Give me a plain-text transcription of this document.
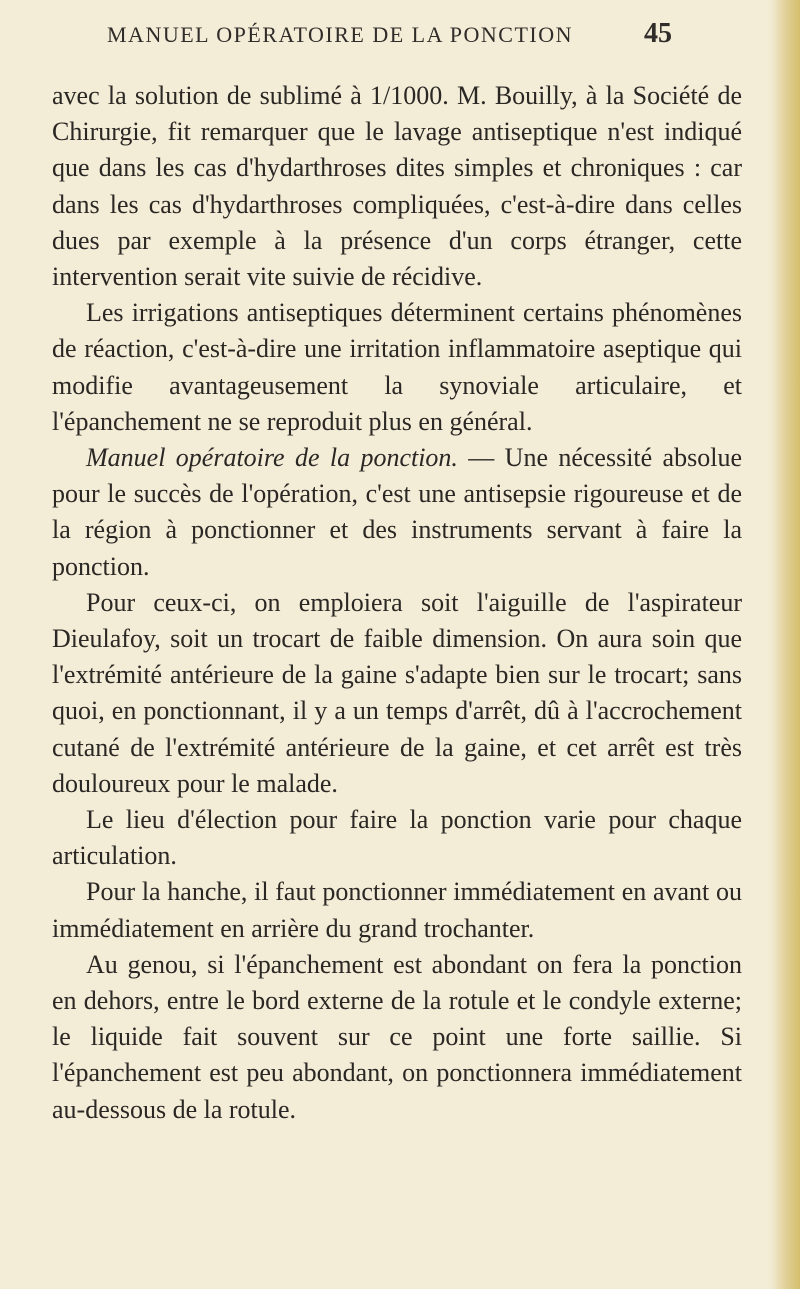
MANUEL OPÉRATOIRE DE LA PONCTION	45

avec la solution de sublimé à 1/1000. M. Bouilly, à la Société de Chirurgie, fit remarquer que le lavage antiseptique n'est indiqué que dans les cas d'hydarthroses dites simples et chroniques : car dans les cas d'hydarthroses compliquées, c'est-à-dire dans celles dues par exemple à la présence d'un corps étranger, cette intervention serait vite suivie de récidive.

Les irrigations antiseptiques déterminent certains phénomènes de réaction, c'est-à-dire une irritation inflammatoire aseptique qui modifie avantageusement la synoviale articulaire, et l'épanchement ne se reproduit plus en général.

Manuel opératoire de la ponction. — Une nécessité absolue pour le succès de l'opération, c'est une antisepsie rigoureuse et de la région à ponctionner et des instruments servant à faire la ponction.

Pour ceux-ci, on emploiera soit l'aiguille de l'aspirateur Dieulafoy, soit un trocart de faible dimension. On aura soin que l'extrémité antérieure de la gaine s'adapte bien sur le trocart; sans quoi, en ponctionnant, il y a un temps d'arrêt, dû à l'accrochement cutané de l'extrémité antérieure de la gaine, et cet arrêt est très douloureux pour le malade.

Le lieu d'élection pour faire la ponction varie pour chaque articulation.

Pour la hanche, il faut ponctionner immédiatement en avant ou immédiatement en arrière du grand trochanter.

Au genou, si l'épanchement est abondant on fera la ponction en dehors, entre le bord externe de la rotule et le condyle externe; le liquide fait souvent sur ce point une forte saillie. Si l'épanchement est peu abondant, on ponctionnera immédiatement au-dessous de la rotule.
